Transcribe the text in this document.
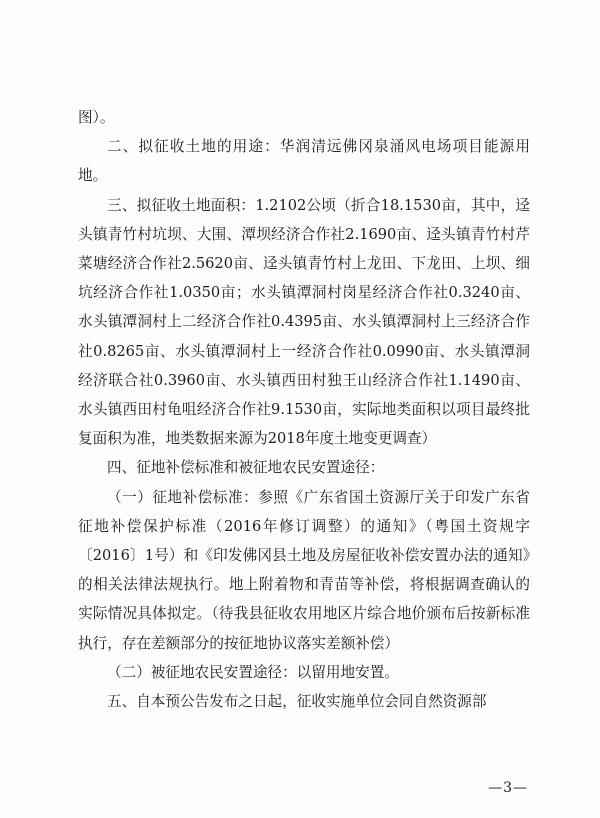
图）。

二、拟征收土地的用途：华润清远佛冈泉涌风电场项目能源用地。

三、拟征收土地面积：1.2102公顷（折合18.1530亩，其中，迳头镇青竹村坑坝、大围、潭坝经济合作社2.1690亩、迳头镇青竹村芹菜塘经济合作社2.5620亩、迳头镇青竹村上龙田、下龙田、上坝、细坑经济合作社1.0350亩；水头镇潭洞村岗星经济合作社0.3240亩、水头镇潭洞村上二经济合作社0.4395亩、水头镇潭洞村上三经济合作社0.8265亩、水头镇潭洞村上一经济合作社0.0990亩、水头镇潭洞经济联合社0.3960亩、水头镇西田村独王山经济合作社1.1490亩、水头镇西田村龟咀经济合作社9.1530亩，实际地类面积以项目最终批复面积为准，地类数据来源为2018年度土地变更调查）

四、征地补偿标准和被征地农民安置途径：

（一）征地补偿标准：参照《广东省国土资源厅关于印发广东省征地补偿保护标准（2016年修订调整）的通知》（粤国土资规字〔2016〕1号）和《印发佛冈县土地及房屋征收补偿安置办法的通知》的相关法律法规执行。地上附着物和青苗等补偿，将根据调查确认的实际情况具体拟定。（待我县征收农用地区片综合地价颁布后按新标准执行，存在差额部分的按征地协议落实差额补偿）

（二）被征地农民安置途径：以留用地安置。

五、自本预公告发布之日起，征收实施单位会同自然资源部

—3—
